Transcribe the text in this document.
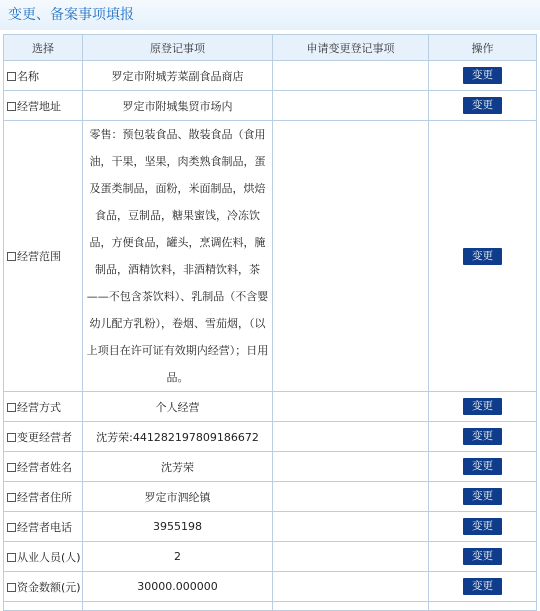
变更、备案事项填报
选择	原登记事项	申请变更登记事项	操作
名称	罗定市附城芳菜副食品商店		变更
经营地址	罗定市附城集贸市场内		变更
经营范围	零售：预包装食品、散装食品（食用油，干果，坚果，肉类熟食制品，蛋及蛋类制品，面粉，米面制品，烘焙食品，豆制品，糖果蜜饯，冷冻饮品，方便食品，罐头，烹调佐料，腌制品，酒精饮料，非酒精饮料，茶——不包含茶饮料）、乳制品（不含婴幼儿配方乳粉），卷烟、雪茄烟，（以上项目在许可证有效期内经营）；日用品。		变更
经营方式	个人经营		变更
变更经营者	沈芳荣:441282197809186672		变更
经营者姓名	沈芳荣		变更
经营者住所	罗定市泗纶镇		变更
经营者电话	3955198		变更
从业人员(人)	2		变更
资金数额(元)	30000.000000		变更
